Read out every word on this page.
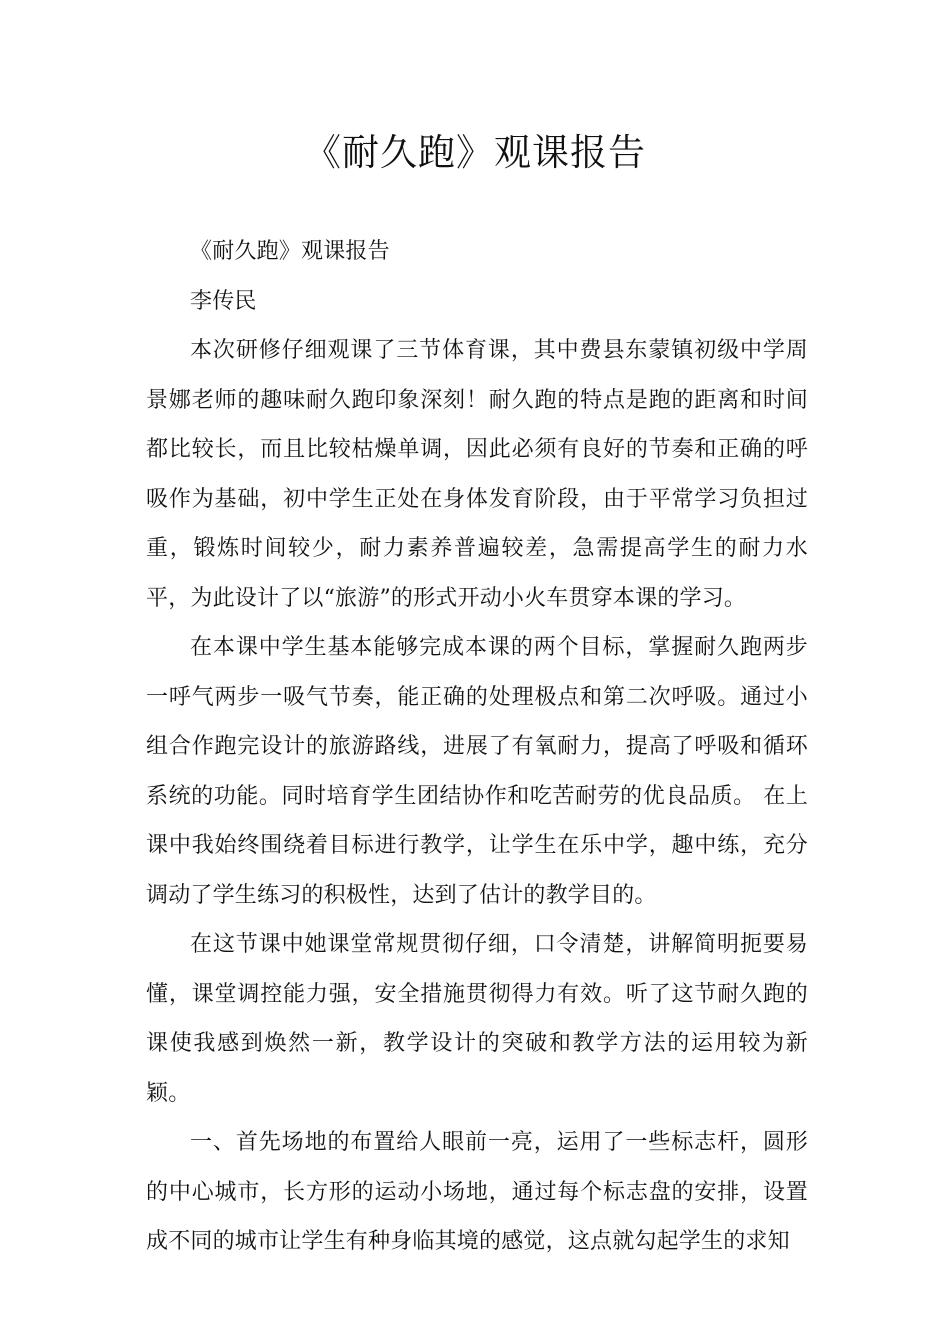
《耐久跑》观课报告

《耐久跑》观课报告

李传民

本次研修仔细观课了三节体育课，其中费县东蒙镇初级中学周景娜老师的趣味耐久跑印象深刻！耐久跑的特点是跑的距离和时间都比较长，而且比较枯燥单调，因此必须有良好的节奏和正确的呼吸作为基础，初中学生正处在身体发育阶段，由于平常学习负担过重，锻炼时间较少，耐力素养普遍较差，急需提高学生的耐力水平，为此设计了以“旅游”的形式开动小火车贯穿本课的学习。

在本课中学生基本能够完成本课的两个目标，掌握耐久跑两步一呼气两步一吸气节奏，能正确的处理极点和第二次呼吸。通过小组合作跑完设计的旅游路线，进展了有氧耐力，提高了呼吸和循环系统的功能。同时培育学生团结协作和吃苦耐劳的优良品质。 在上课中我始终围绕着目标进行教学，让学生在乐中学，趣中练，充分调动了学生练习的积极性，达到了估计的教学目的。

在这节课中她课堂常规贯彻仔细，口令清楚，讲解简明扼要易懂，课堂调控能力强，安全措施贯彻得力有效。听了这节耐久跑的课使我感到焕然一新，教学设计的突破和教学方法的运用较为新颖。

一、首先场地的布置给人眼前一亮，运用了一些标志杆，圆形的中心城市，长方形的运动小场地，通过每个标志盘的安排，设置成不同的城市让学生有种身临其境的感觉，这点就勾起学生的求知
